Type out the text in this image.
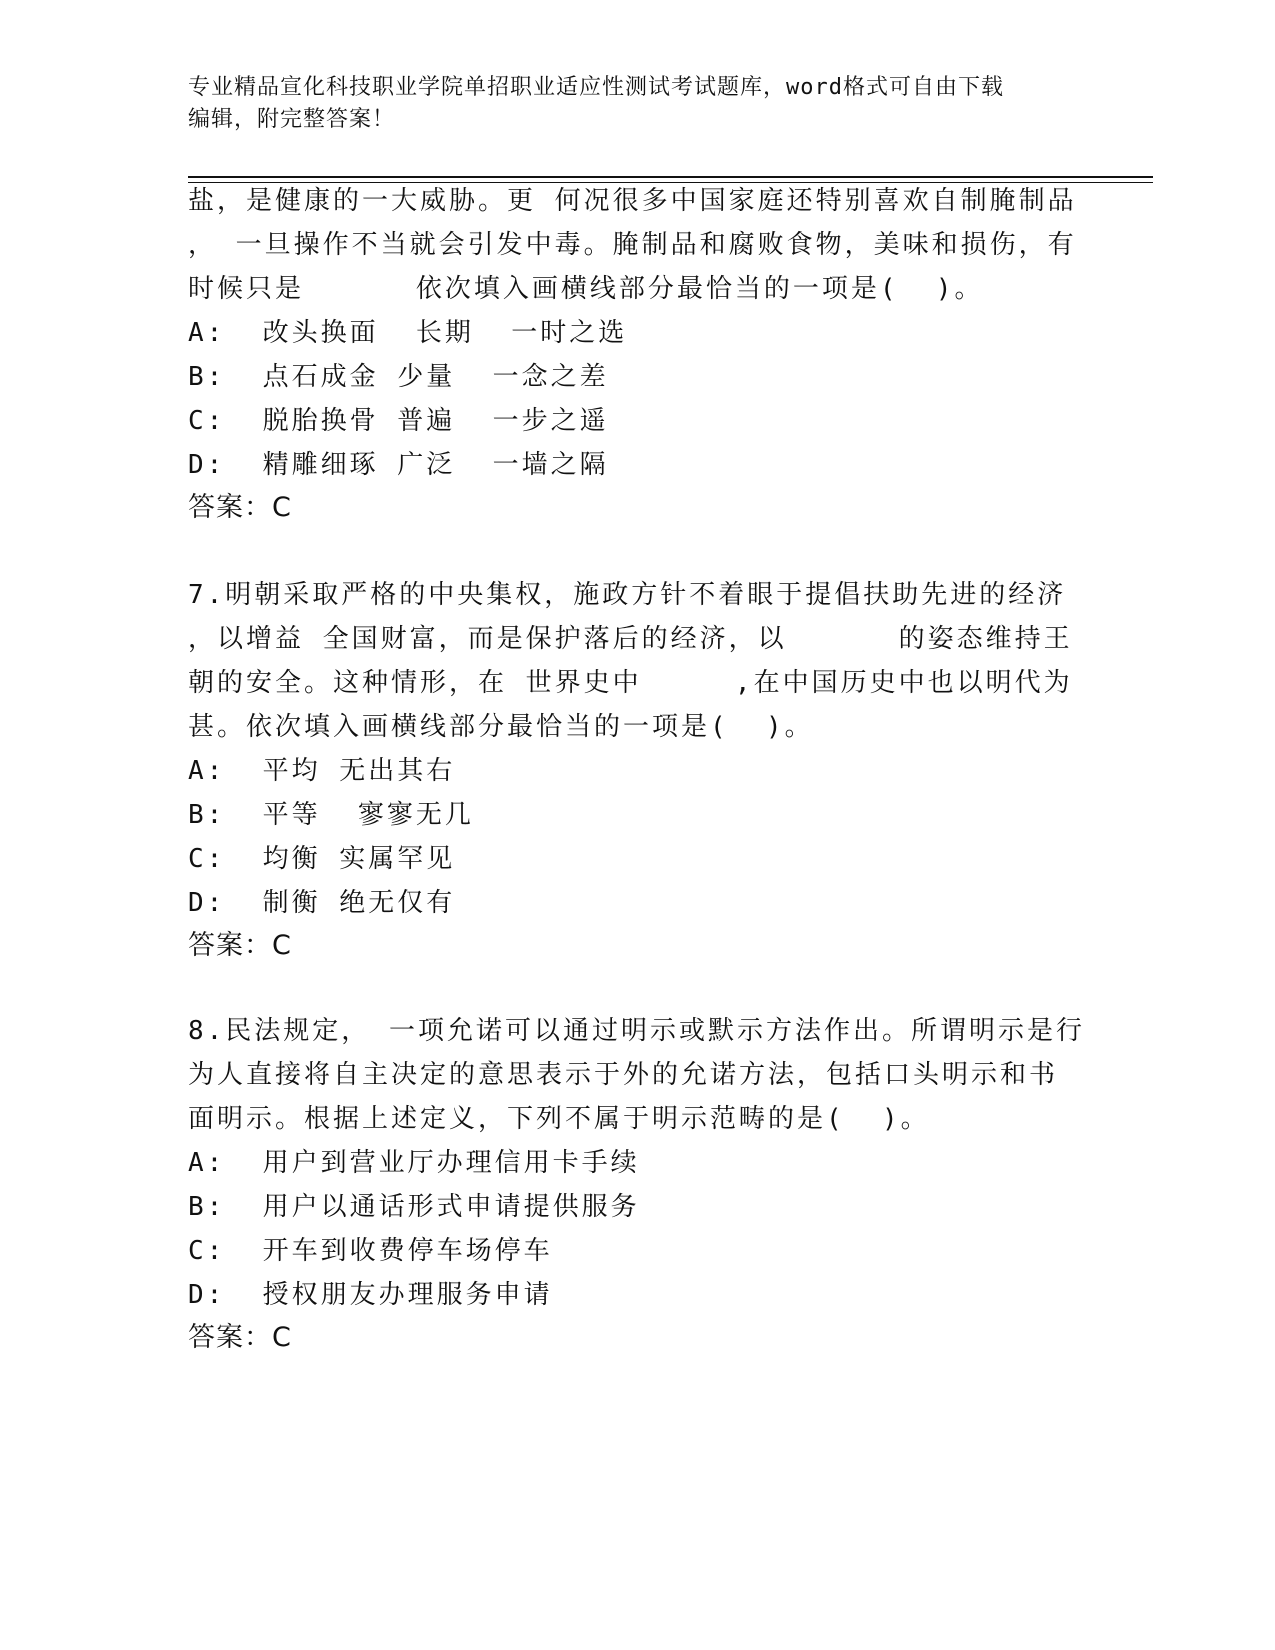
专业精品宣化科技职业学院单招职业适应性测试考试题库，word格式可自由下载
编辑，附完整答案！
盐，是健康的一大威胁。更 何况很多中国家庭还特别喜欢自制腌制品
， 一旦操作不当就会引发中毒。腌制品和腐败食物，美味和损伤，有
时候只是      依次填入画横线部分最恰当的一项是(  )。
A:  改头换面  长期  一时之选
B:  点石成金 少量  一念之差
C:  脱胎换骨 普遍  一步之遥
D:  精雕细琢 广泛  一墙之隔
答案：C
7.明朝采取严格的中央集权，施政方针不着眼于提倡扶助先进的经济
，以增益 全国财富，而是保护落后的经济，以      的姿态维持王
朝的安全。这种情形，在 世界史中     ,在中国历史中也以明代为
甚。依次填入画横线部分最恰当的一项是(  )。
A:  平均 无出其右
B:  平等  寥寥无几
C:  均衡 实属罕见
D:  制衡 绝无仅有
答案：C
8.民法规定， 一项允诺可以通过明示或默示方法作出。所谓明示是行
为人直接将自主决定的意思表示于外的允诺方法，包括口头明示和书
面明示。根据上述定义，下列不属于明示范畴的是(  )。
A:  用户到营业厅办理信用卡手续
B:  用户以通话形式申请提供服务
C:  开车到收费停车场停车
D:  授权朋友办理服务申请
答案：C
